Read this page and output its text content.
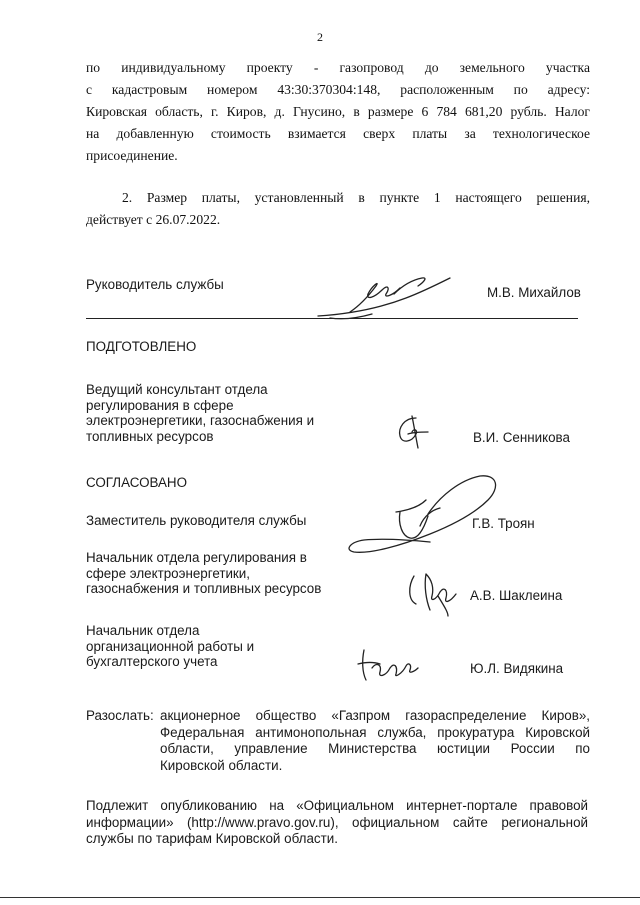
2
по индивидуальному проекту - газопровод до земельного участка
с кадастровым номером 43:30:370304:148, расположенным по адресу:
Кировская область, г. Киров, д. Гнусино, в размере 6 784 681,20 рубль. Налог
на добавленную стоимость взимается сверх платы за технологическое
присоединение.
2. Размер платы, установленный в пункте 1 настоящего решения,
действует с 26.07.2022.
Руководитель службы
М.В. Михайлов
ПОДГОТОВЛЕНО
Ведущий консультант отдела
регулирования в сфере
электроэнергетики, газоснабжения и
топливных ресурсов	В.И. Сенникова
СОГЛАСОВАНО
Заместитель руководителя службы	Г.В. Троян
Начальник отдела регулирования в
сфере электроэнергетики,
газоснабжения и топливных ресурсов	А.В. Шаклеина
Начальник отдела
организационной работы и
бухгалтерского учета	Ю.Л. Видякина
Разослать: акционерное общество «Газпром газораспределение Киров»,
Федеральная антимонопольная служба, прокуратура Кировской
области, управление Министерства юстиции России по
Кировской области.
Подлежит опубликованию на «Официальном интернет-портале правовой
информации» (http://www.pravo.gov.ru), официальном сайте региональной
службы по тарифам Кировской области.
